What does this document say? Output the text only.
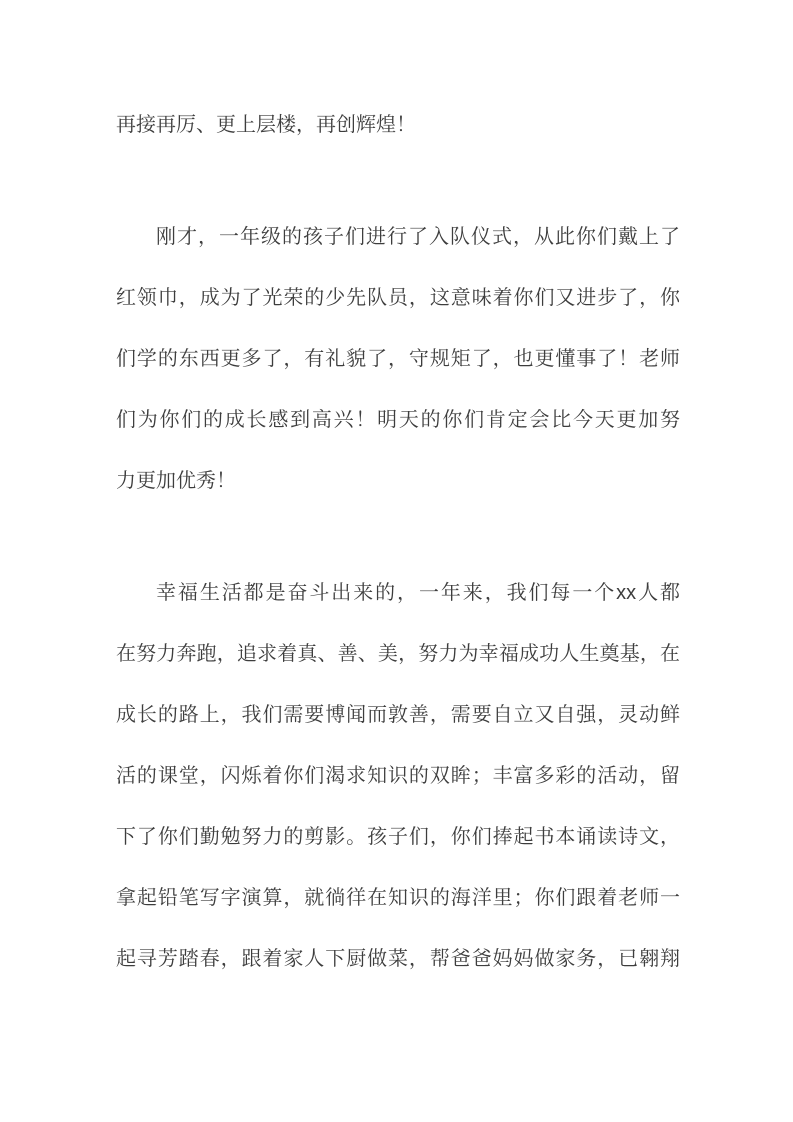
再接再厉、更上层楼，再创辉煌！
刚才，一年级的孩子们进行了入队仪式，从此你们戴上了
红领巾，成为了光荣的少先队员，这意味着你们又进步了，你
们学的东西更多了，有礼貌了，守规矩了，也更懂事了！老师
们为你们的成长感到高兴！明天的你们肯定会比今天更加努
力更加优秀！
幸福生活都是奋斗出来的，一年来，我们每一个xx人都
在努力奔跑，追求着真、善、美，努力为幸福成功人生奠基，在
成长的路上，我们需要博闻而敦善，需要自立又自强，灵动鲜
活的课堂，闪烁着你们渴求知识的双眸；丰富多彩的活动，留
下了你们勤勉努力的剪影。孩子们，你们捧起书本诵读诗文，
拿起铅笔写字演算，就徜徉在知识的海洋里；你们跟着老师一
起寻芳踏春，跟着家人下厨做菜，帮爸爸妈妈做家务，已翱翔
